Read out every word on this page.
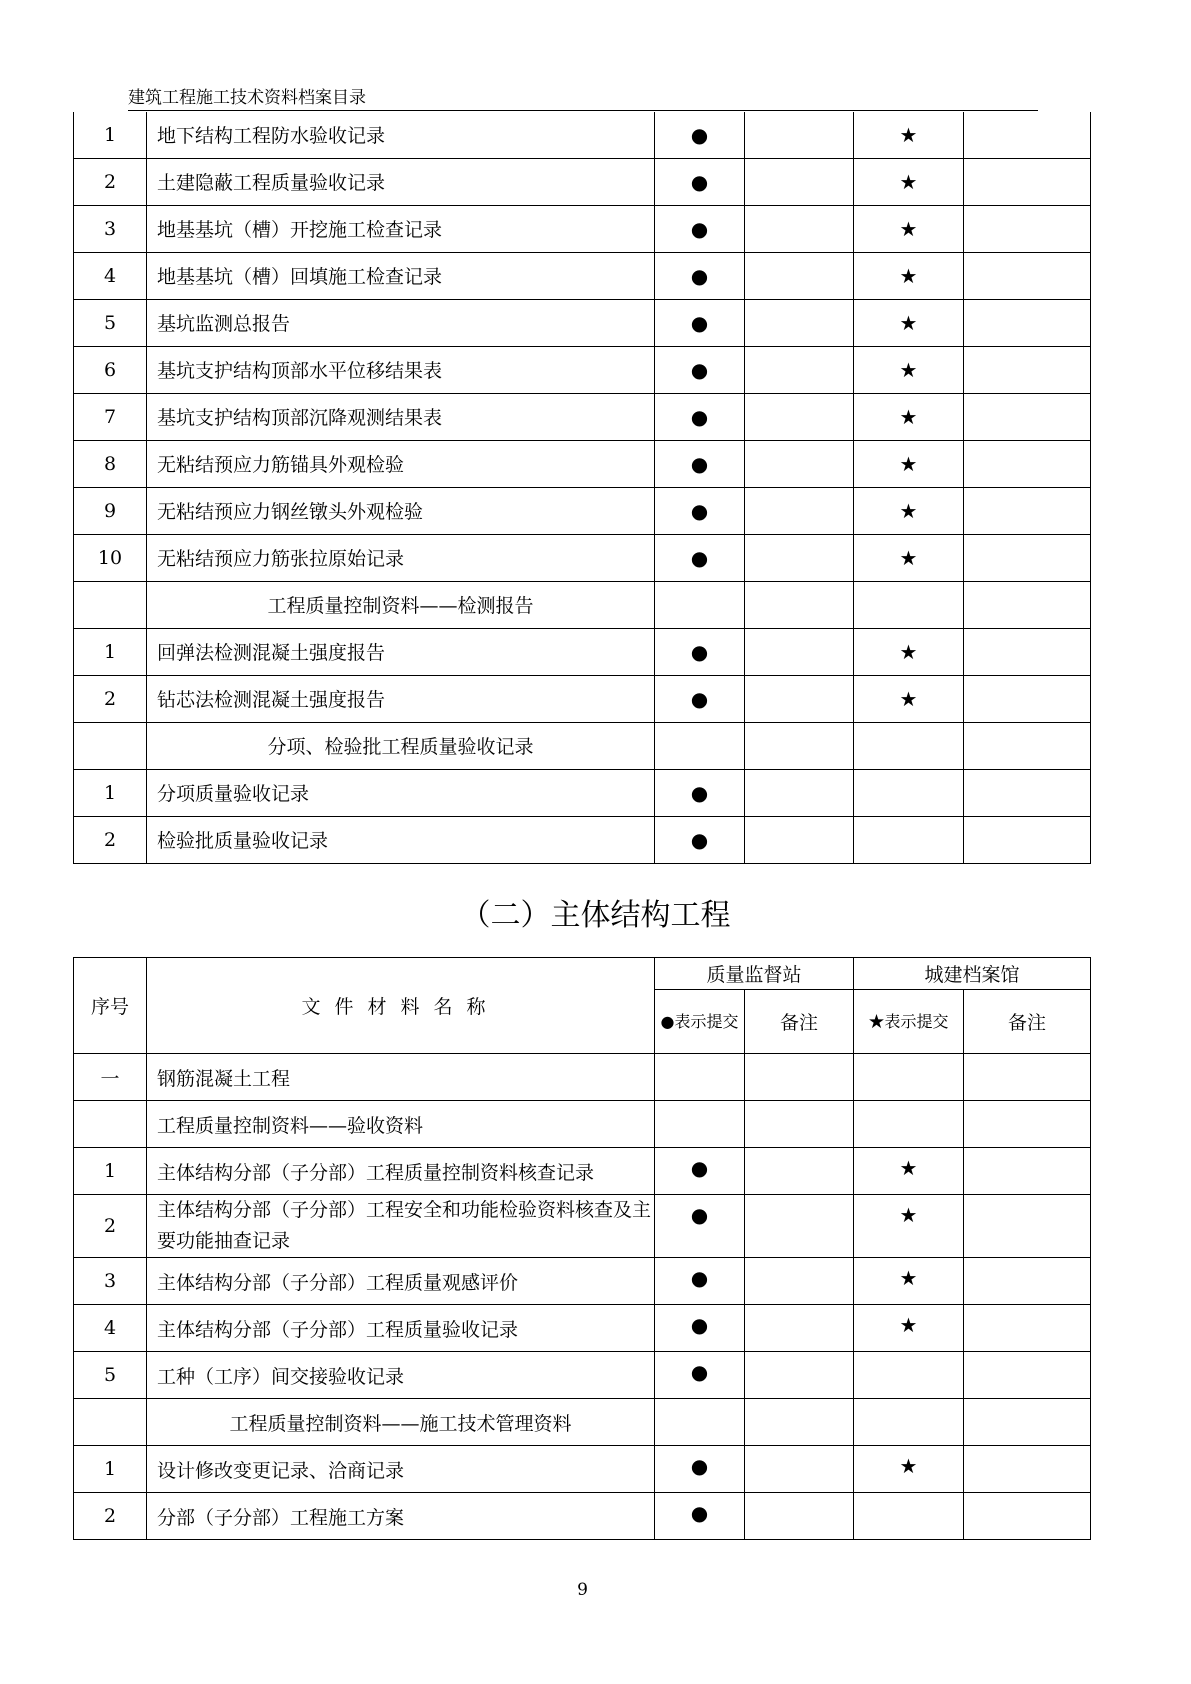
建筑工程施工技术资料档案目录
1	地下结构工程防水验收记录	●		★	
2	土建隐蔽工程质量验收记录	●		★	
3	地基基坑（槽）开挖施工检查记录	●		★	
4	地基基坑（槽）回填施工检查记录	●		★	
5	基坑监测总报告	●		★	
6	基坑支护结构顶部水平位移结果表	●		★	
7	基坑支护结构顶部沉降观测结果表	●		★	
8	无粘结预应力筋锚具外观检验	●		★	
9	无粘结预应力钢丝镦头外观检验	●		★	
10	无粘结预应力筋张拉原始记录	●		★	
	工程质量控制资料——检测报告				
1	回弹法检测混凝土强度报告	●		★	
2	钻芯法检测混凝土强度报告	●		★	
	分项、检验批工程质量验收记录				
1	分项质量验收记录	●			
2	检验批质量验收记录	●			
（二）主体结构工程
序号	文件材料名称	质量监督站		城建档案馆	
		●表示提交	备注	★表示提交	备注
一	钢筋混凝土工程				
	工程质量控制资料——验收资料				
1	主体结构分部（子分部）工程质量控制资料核查记录	●		★	
2	主体结构分部（子分部）工程安全和功能检验资料核查及主要功能抽查记录	●		★	
3	主体结构分部（子分部）工程质量观感评价	●		★	
4	主体结构分部（子分部）工程质量验收记录	●		★	
5	工种（工序）间交接验收记录	●			
	工程质量控制资料——施工技术管理资料				
1	设计修改变更记录、洽商记录	●		★	
2	分部（子分部）工程施工方案	●			
9
